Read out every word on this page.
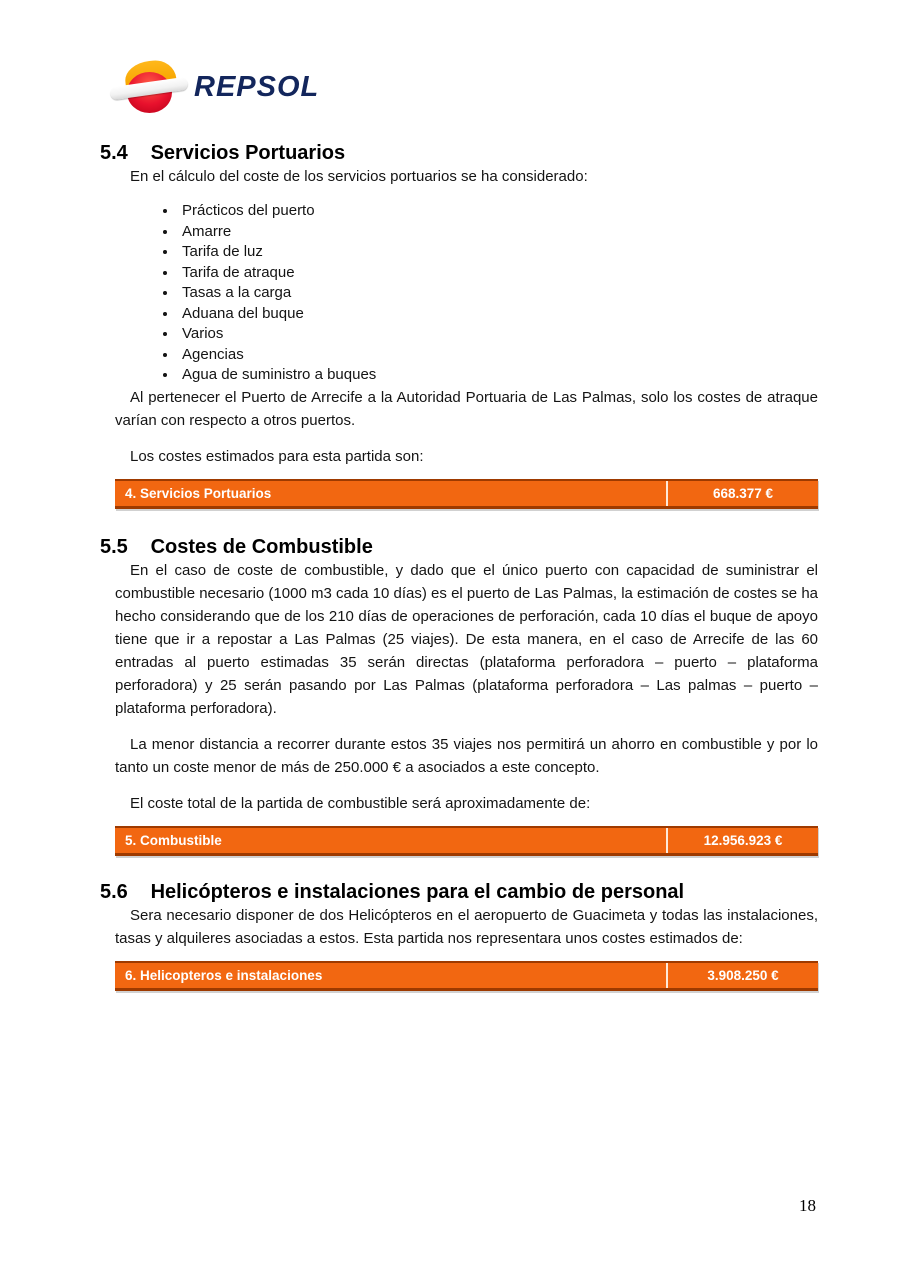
REPSOL
5.4 Servicios Portuarios

En el cálculo del coste de los servicios portuarios se ha considerado:

• Prácticos del puerto
• Amarre
• Tarifa de luz
• Tarifa de atraque
• Tasas a la carga
• Aduana del buque
• Varios
• Agencias
• Agua de suministro a buques

Al pertenecer el Puerto de Arrecife a la Autoridad Portuaria de Las Palmas, solo los costes de atraque varían con respecto a otros puertos.

Los costes estimados para esta partida son:

4. Servicios Portuarios	668.377 €
5.5 Costes de Combustible

En el caso de coste de combustible, y dado que el único puerto con capacidad de suministrar el combustible necesario (1000 m3 cada 10 días) es el puerto de Las Palmas, la estimación de costes se ha hecho considerando que de los 210 días de operaciones de perforación, cada 10 días el buque de apoyo tiene que ir a repostar a Las Palmas (25 viajes). De esta manera, en el caso de Arrecife de las 60 entradas al puerto estimadas 35 serán directas (plataforma perforadora – puerto – plataforma perforadora) y 25 serán pasando por Las Palmas (plataforma perforadora – Las palmas – puerto – plataforma perforadora).

La menor distancia a recorrer durante estos 35 viajes nos permitirá un ahorro en combustible y por lo tanto un coste menor de más de 250.000 € a asociados a este concepto.

El coste total de la partida de combustible será aproximadamente de:

5. Combustible	12.956.923 €
5.6 Helicópteros e instalaciones para el cambio de personal

Sera necesario disponer de dos Helicópteros en el aeropuerto de Guacimeta y todas las instalaciones, tasas y alquileres asociadas a estos. Esta partida nos representara unos costes estimados de:

6. Helicopteros e instalaciones	3.908.250 €
18
